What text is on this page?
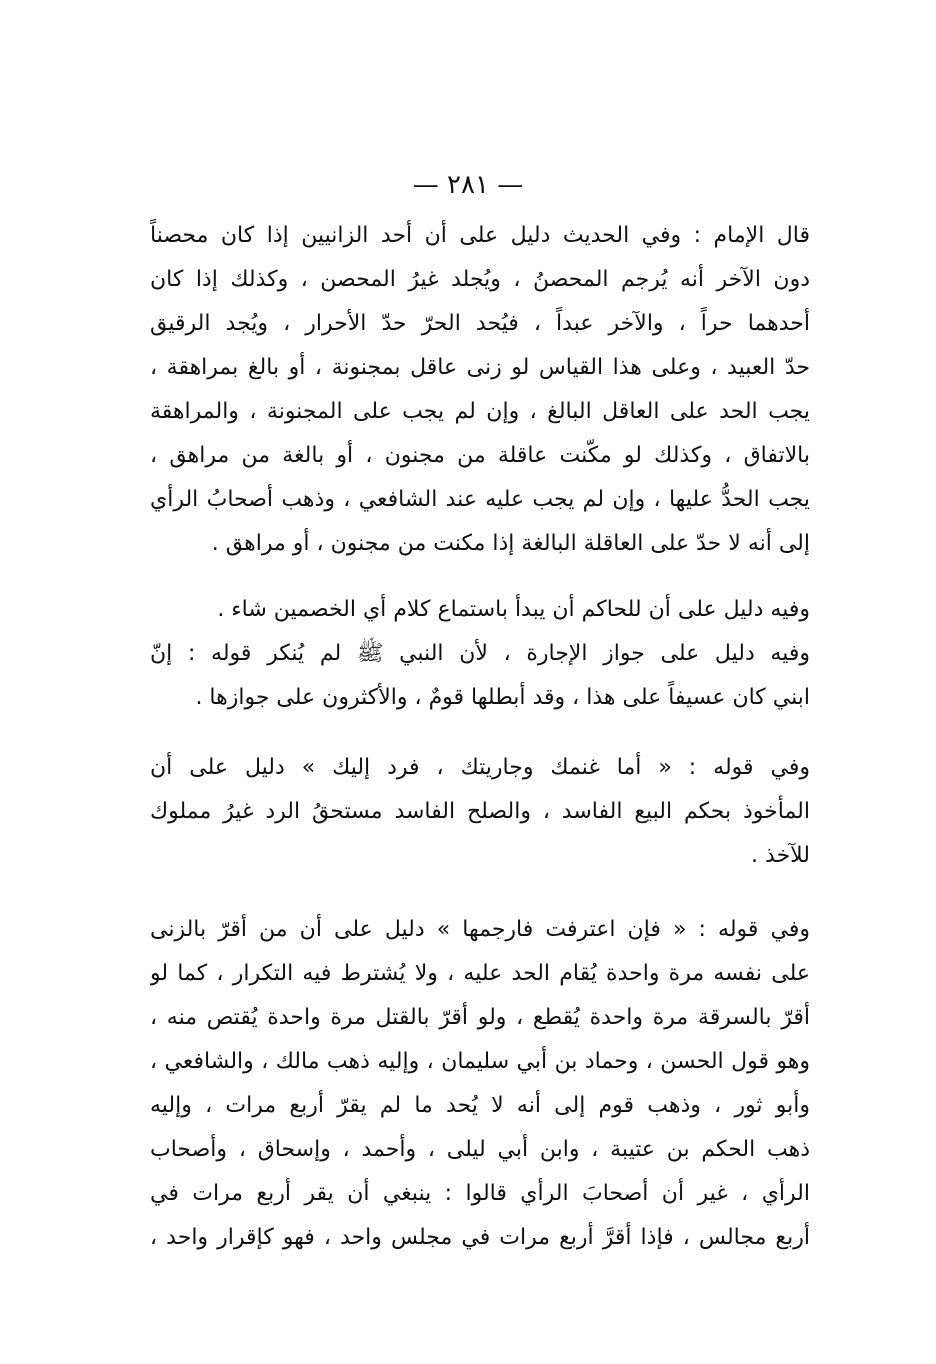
— ٢٨١ —
قال الإمام : وفي الحديث دليل على أن أحد الزانيين إذا كان محصناً
دون الآخر أنه يُرجم المحصنُ ، ويُجلد غيرُ المحصن ، وكذلك إذا كان
أحدهما حراً ، والآخر عبداً ، فيُحد الحرّ حدّ الأحرار ، ويُجد الرقيق
حدّ العبيد ، وعلى هذا القياس لو زنى عاقل بمجنونة ، أو بالغ بمراهقة ،
يجب الحد على العاقل البالغ ، وإن لم يجب على المجنونة ، والمراهقة
بالاتفاق ، وكذلك لو مكّنت عاقلة من مجنون ، أو بالغة من مراهق ،
يجب الحدُّ عليها ، وإن لم يجب عليه عند الشافعي ، وذهب أصحابُ الرأي
إلى أنه لا حدّ على العاقلة البالغة إذا مكنت من مجنون ، أو مراهق .
وفيه دليل على أن للحاكم أن يبدأ باستماع كلام أي الخصمين شاء .
وفيه دليل على جواز الإجارة ، لأن النبي ﷺ لم يُنكر قوله : إنّ
ابني كان عسيفاً على هذا ، وقد أبطلها قومٌ ، والأكثرون على جوازها .
وفي قوله : « أما غنمك وجاريتك ، فرد إليك » دليل على أن
المأخوذ بحكم البيع الفاسد ، والصلح الفاسد مستحقُ الرد غيرُ مملوك
للآخذ .
وفي قوله : « فإن اعترفت فارجمها » دليل على أن من أقرّ بالزنى
على نفسه مرة واحدة يُقام الحد عليه ، ولا يُشترط فيه التكرار ، كما لو
أقرّ بالسرقة مرة واحدة يُقطع ، ولو أقرّ بالقتل مرة واحدة يُقتص منه ،
وهو قول الحسن ، وحماد بن أبي سليمان ، وإليه ذهب مالك ، والشافعي ،
وأبو ثور ، وذهب قوم إلى أنه لا يُحد ما لم يقرّ أربع مرات ، وإليه
ذهب الحكم بن عتيبة ، وابن أبي ليلى ، وأحمد ، وإسحاق ، وأصحاب
الرأي ، غير أن أصحابَ الرأي قالوا : ينبغي أن يقر أربع مرات في
أربع مجالس ، فإذا أقرَّ أربع مرات في مجلس واحد ، فهو كإقرار واحد ،
